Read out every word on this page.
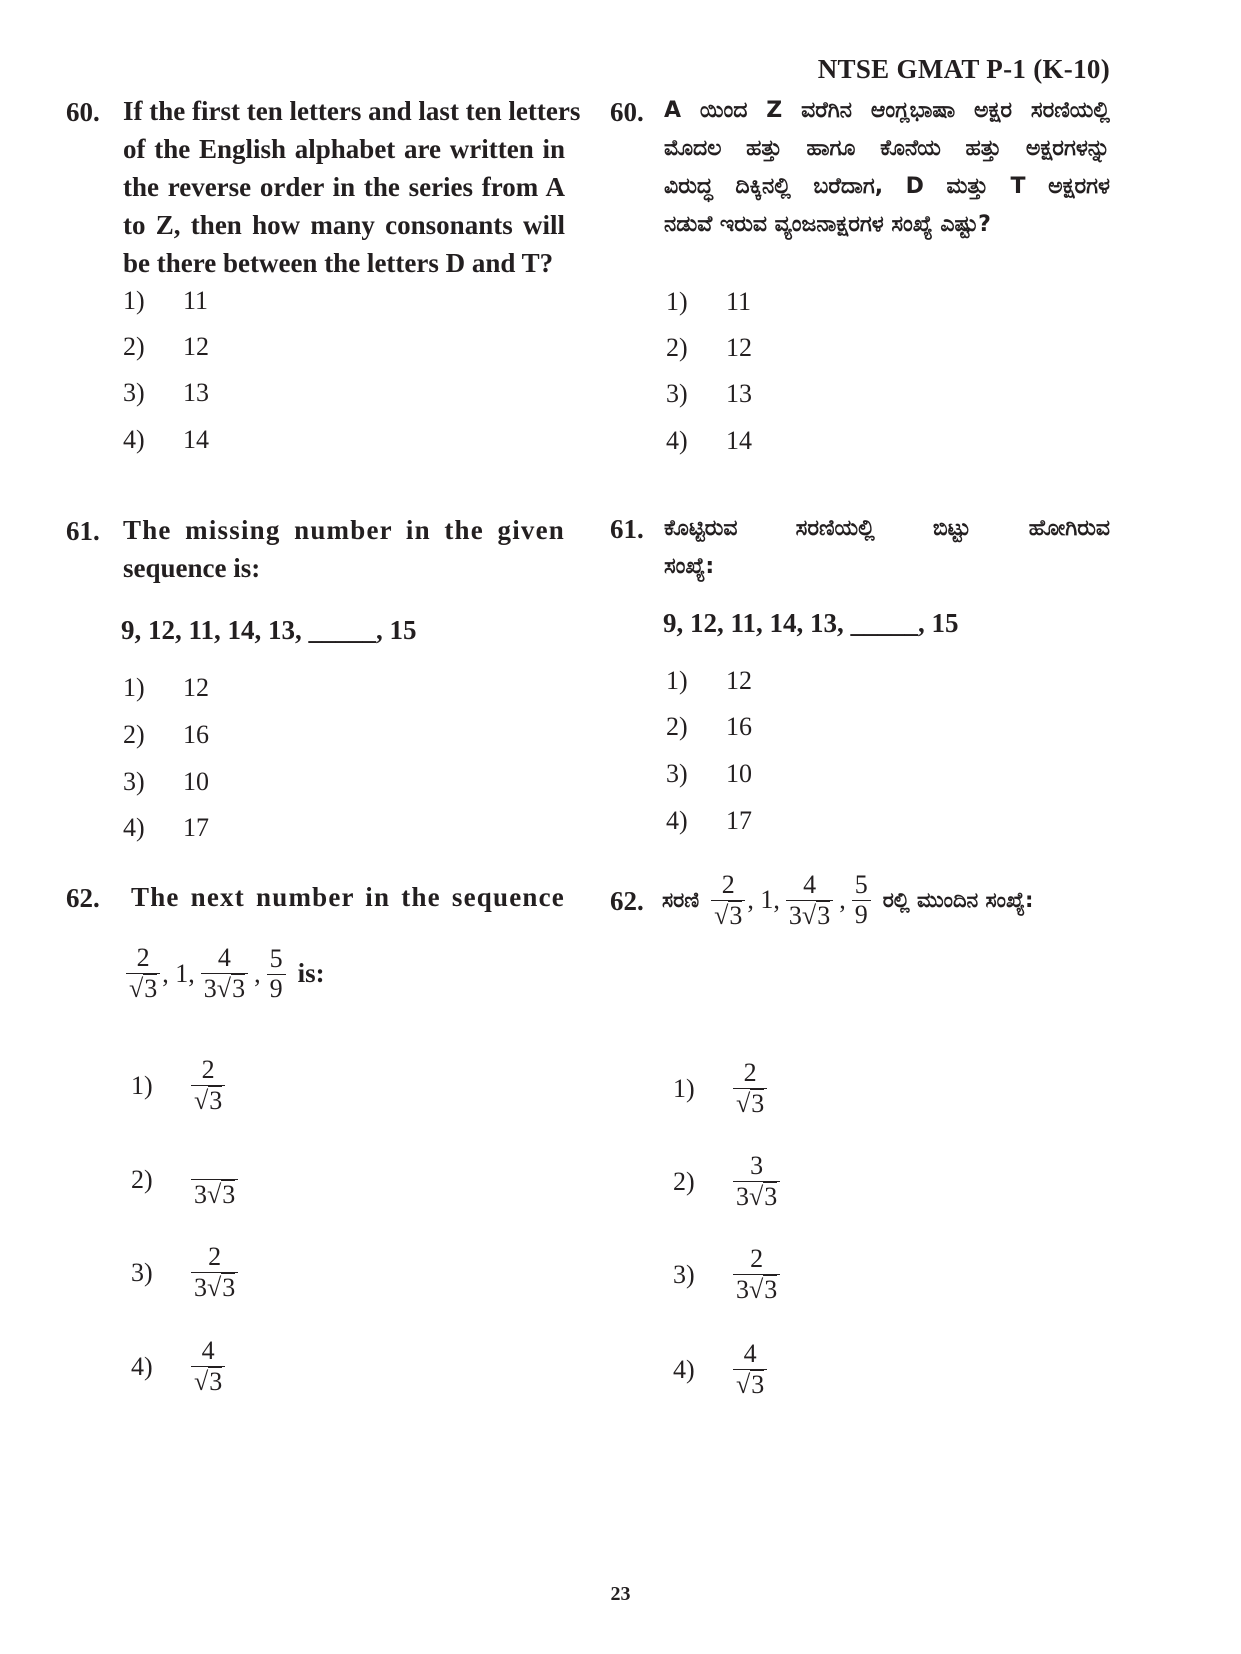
NTSE GMAT P-1 (K-10)
60. If the first ten letters and last ten letters
of the English alphabet are written in
the reverse order in the series from A
to Z, then how many consonants will
be there between the letters D and T?
1) 11
2) 12
3) 13
4) 14
61. The missing number in the given
sequence is:
9, 12, 11, 14, 13, _____, 15
1) 12
2) 16
3) 10
4) 17
62. The next number in the sequence
$\frac{2}{√3}$ , 1, $\frac{4}{3√3}$ , $\frac{5}{9}$ is:
1)	$\frac{2}{√3}$
2)
3√3
3)	$\frac{2}{3√3}$
4)	$\frac{4}{√3}$
60. A ಯಿಂದ Z ವರೆಗಿನ ಆಂಗ್ಲಭಾಷಾ ಅಕ್ಷರ ಸರಣಿಯಲ್ಲಿ
ಮೊದಲ ಹತ್ತು ಹಾಗೂ ಕೊನೆಯ ಹತ್ತು ಅಕ್ಷರಗಳನ್ನು
ವಿರುದ್ಧ ದಿಕ್ಕಿನಲ್ಲಿ ಬರೆದಾಗ, D ಮತ್ತು T ಅಕ್ಷರಗಳ
ನಡುವೆ ಇರುವ ವ್ಯಂಜನಾಕ್ಷರಗಳ ಸಂಖ್ಯೆ ಎಷ್ಟು?
1) 11
2) 12
3) 13
4) 14
61. ಕೊಟ್ಟಿರುವ ಸರಣಿಯಲ್ಲಿ ಬಿಟ್ಟು ಹೋಗಿರುವ
ಸಂಖ್ಯೆ:
9, 12, 11, 14, 13, _____, 15
1) 12
2) 16
3) 10
4) 17
62. ಸರಣಿ $\frac{2}{√3}$ , 1, $\frac{4}{3√3}$ , $\frac{5}{9}$ ರಲ್ಲಿ ಮುಂದಿನ ಸಂಖ್ಯೆ:
1)	$\frac{2}{√3}$
2)	$\frac{3}{3√3}$
3)	$\frac{2}{3√3}$
4)	$\frac{4}{√3}$
23
